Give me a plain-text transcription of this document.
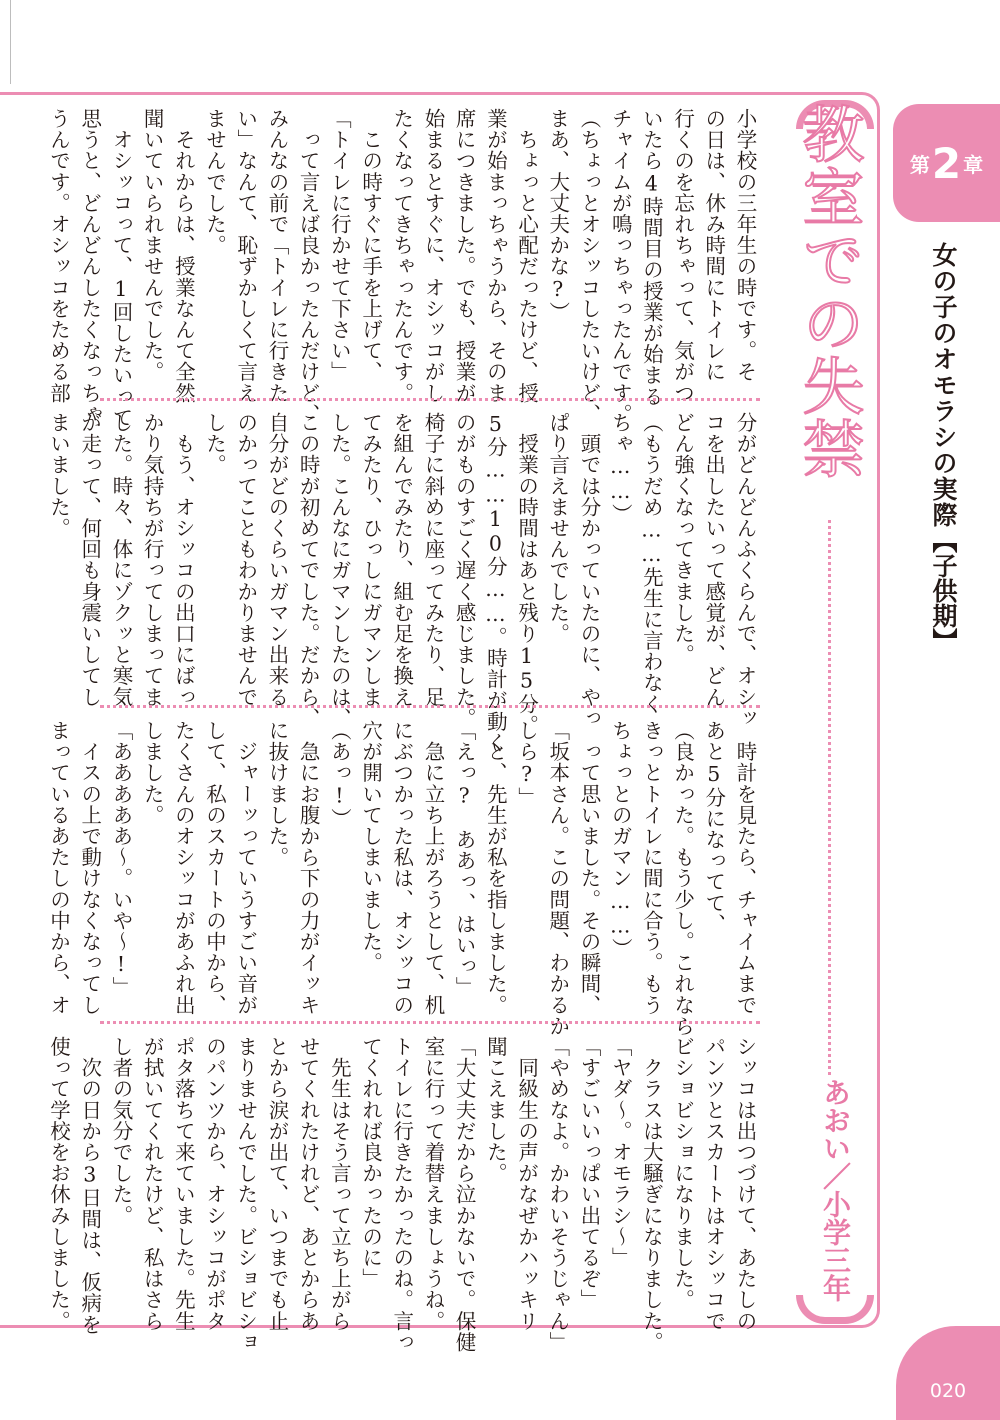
第 2 章
女の子のオモラシの実際【子供期】
教室での失禁
あおい／小学三年
小学校の三年生の時です。そ
の日は、休み時間にトイレに
行くのを忘れちゃって、気がつ
いたら4時間目の授業が始まる
チャイムが鳴っちゃったんです。
（ちょっとオシッコしたいけど、
まあ、大丈夫かな?）
　ちょっと心配だったけど、授
業が始まっちゃうから、そのま
席につきました。でも、授業が
始まるとすぐに、オシッコがし
たくなってきちゃったんです。
　この時すぐに手を上げて、
「トイレに行かせて下さい」
　って言えば良かったんだけど、
みんなの前で「トイレに行きた
い」なんて、恥ずかしくて言え
ませんでした。
　それからは、授業なんて全然
聞いていられませんでした。
　オシッコって、1回したいって
思うと、どんどんしたくなっちゃ
うんです。オシッコをためる部
分がどんどんふくらんで、オシッ
コを出したいって感覚が、どん
どん強くなってきました。
（もうだめ……先生に言わなく
ちゃ……）
　頭では分かっていたのに、やっ
ぱり言えませんでした。
　授業の時間はあと残り15分。
5分……10分……。時計が動く
のがものすごく遅く感じました。
椅子に斜めに座ってみたり、足
を組んでみたり、組む足を換え
てみたり、ひっしにガマンしま
した。こんなにガマンしたのは、
この時が初めてでした。だから、
自分がどのくらいガマン出来る
のかってこともわかりませんで
した。
　もう、オシッコの出口にばっ
かり気持ちが行ってしまってま
した。時々、体にゾクッと寒気
が走って、何回も身震いしてし
まいました。
　時計を見たら、チャイムまで
あと5分になってて、
（良かった。もう少し。これなら
きっとトイレに間に合う。もう
ちょっとのガマン……）
　って思いました。その瞬間、
「坂本さん。この問題、わかるか
しら?」
　と、先生が私を指しました。
「えっ?　ああっ、はいっ」
　急に立ち上がろうとして、机
にぶつかった私は、オシッコの
穴が開いてしまいました。
（あっ!）
　急にお腹から下の力がイッキ
に抜けました。
　ジャーッっていうすごい音が
して、私のスカートの中から、
たくさんのオシッコがあふれ出
しました。
「あああああ～。いや～!」
　イスの上で動けなくなってし
まっているあたしの中から、オ
シッコは出つづけて、あたしの
パンツとスカートはオシッコで
ビショビショになりました。
　クラスは大騒ぎになりました。
「ヤダ～。オモラシ～」
「すごいいっぱい出てるぞ」
「やめなよ。かわいそうじゃん」
　同級生の声がなぜかハッキリ
聞こえました。
「大丈夫だから泣かないで。保健
室に行って着替えましょうね。
トイレに行きたかったのね。言っ
てくれれば良かったのに」
　先生はそう言って立ち上がら
せてくれたけれど、あとからあ
とから涙が出て、いつまでも止
まりませんでした。ビショビショ
のパンツから、オシッコがポタ
ポタ落ちて来ていました。先生
が拭いてくれたけど、私はさら
し者の気分でした。
　次の日から3日間は、仮病を
使って学校をお休みしました。
020
